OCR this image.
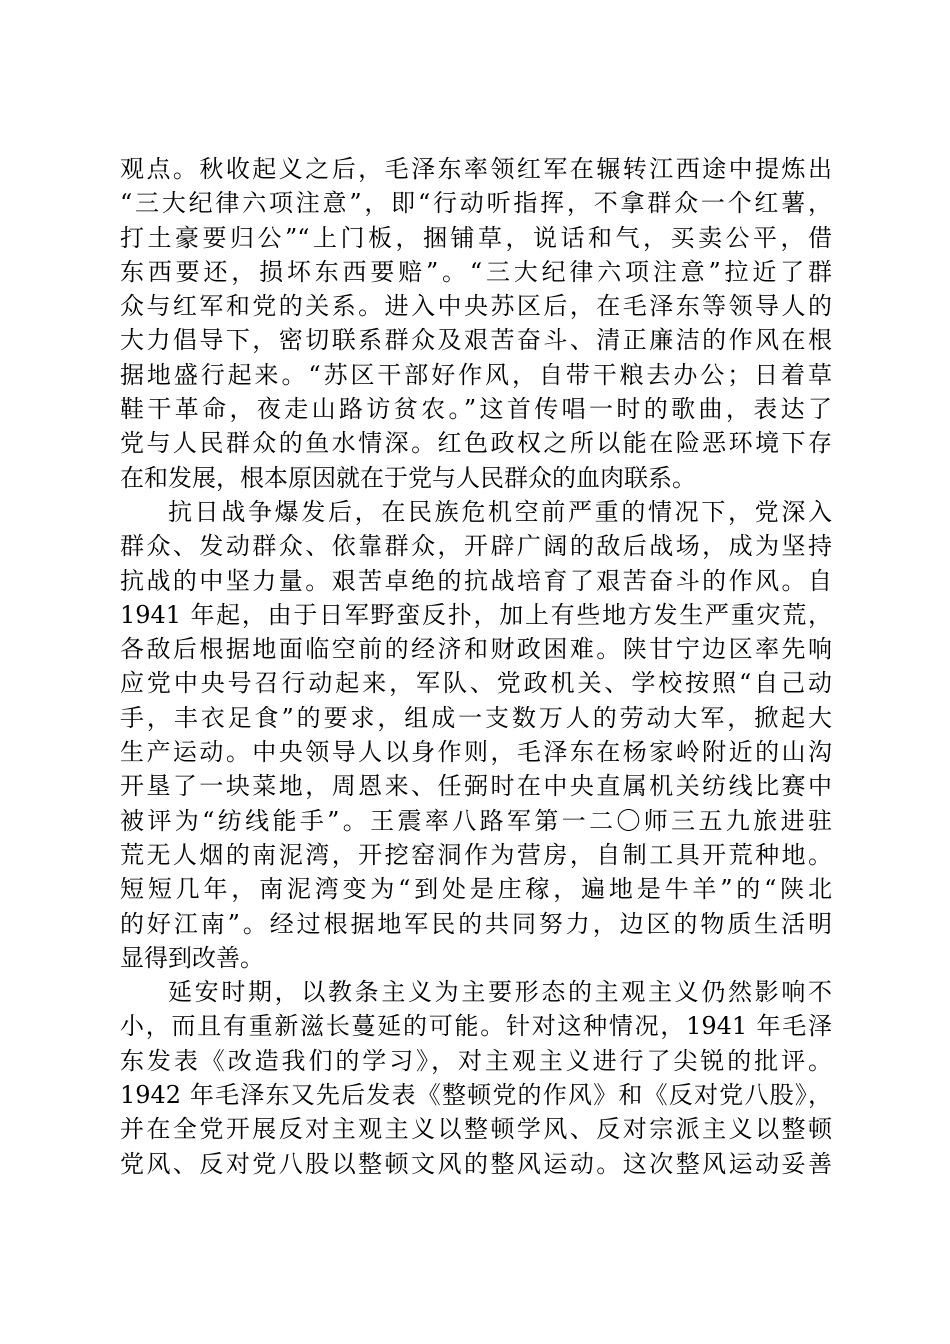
观点。秋收起义之后，毛泽东率领红军在辗转江西途中提炼出
“三大纪律六项注意”，即“行动听指挥，不拿群众一个红薯，
打土豪要归公”“上门板，捆铺草，说话和气，买卖公平，借
东西要还，损坏东西要赔”。“三大纪律六项注意”拉近了群
众与红军和党的关系。进入中央苏区后，在毛泽东等领导人的
大力倡导下，密切联系群众及艰苦奋斗、清正廉洁的作风在根
据地盛行起来。“苏区干部好作风，自带干粮去办公；日着草
鞋干革命，夜走山路访贫农。”这首传唱一时的歌曲，表达了
党与人民群众的鱼水情深。红色政权之所以能在险恶环境下存
在和发展，根本原因就在于党与人民群众的血肉联系。
抗日战争爆发后，在民族危机空前严重的情况下，党深入
群众、发动群众、依靠群众，开辟广阔的敌后战场，成为坚持
抗战的中坚力量。艰苦卓绝的抗战培育了艰苦奋斗的作风。自
1941 年起，由于日军野蛮反扑，加上有些地方发生严重灾荒，
各敌后根据地面临空前的经济和财政困难。陕甘宁边区率先响
应党中央号召行动起来，军队、党政机关、学校按照“自己动
手，丰衣足食”的要求，组成一支数万人的劳动大军，掀起大
生产运动。中央领导人以身作则，毛泽东在杨家岭附近的山沟
开垦了一块菜地，周恩来、任弼时在中央直属机关纺线比赛中
被评为“纺线能手”。王震率八路军第一二〇师三五九旅进驻
荒无人烟的南泥湾，开挖窑洞作为营房，自制工具开荒种地。
短短几年，南泥湾变为“到处是庄稼，遍地是牛羊”的“陕北
的好江南”。经过根据地军民的共同努力，边区的物质生活明
显得到改善。
延安时期，以教条主义为主要形态的主观主义仍然影响不
小，而且有重新滋长蔓延的可能。针对这种情况，1941 年毛泽
东发表《改造我们的学习》，对主观主义进行了尖锐的批评。
1942 年毛泽东又先后发表《整顿党的作风》和《反对党八股》，
并在全党开展反对主观主义以整顿学风、反对宗派主义以整顿
党风、反对党八股以整顿文风的整风运动。这次整风运动妥善
